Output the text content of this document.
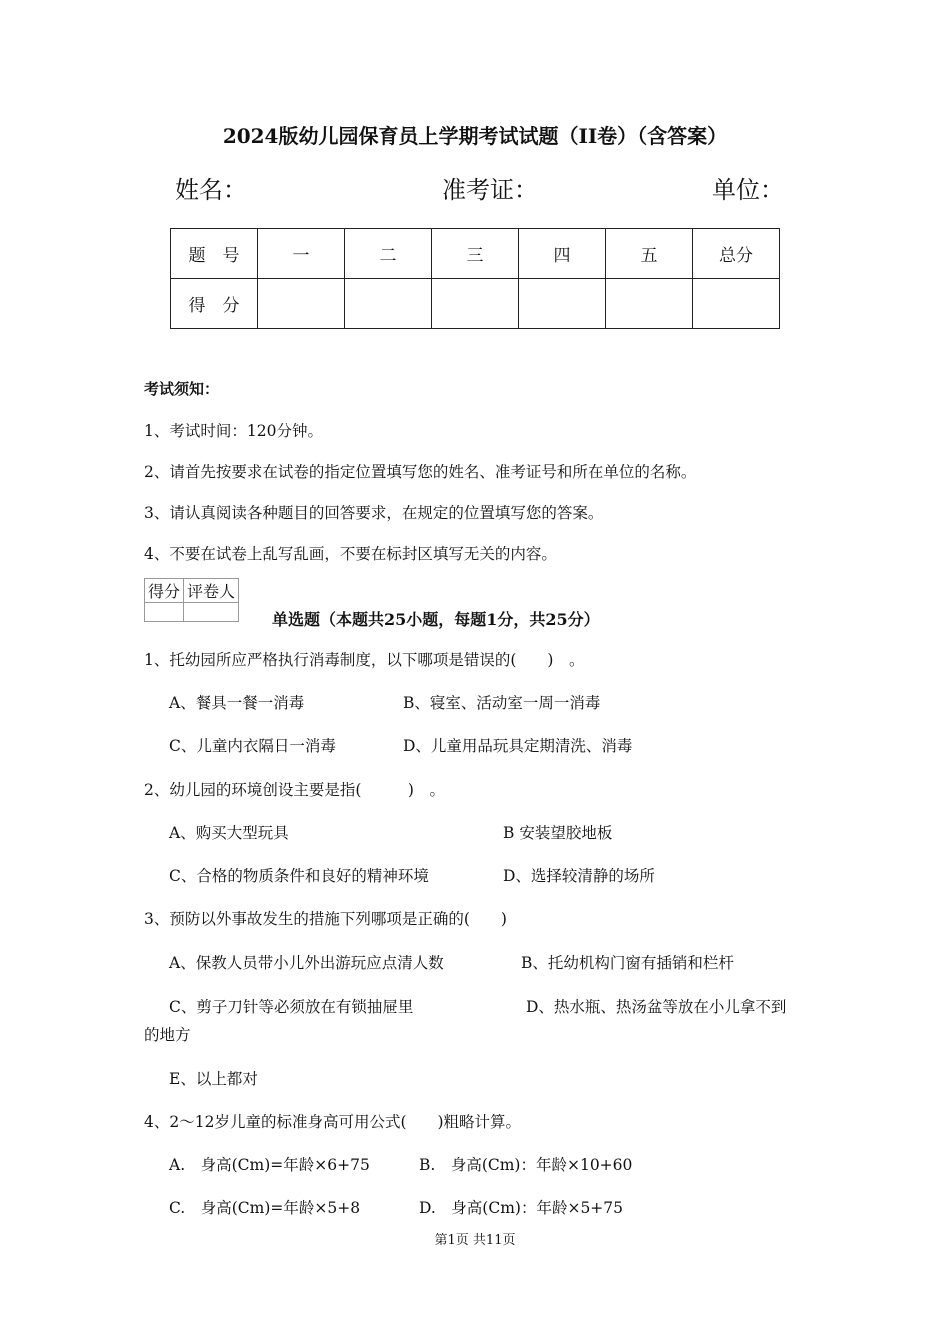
2024版幼儿园保育员上学期考试试题（II卷）（含答案）
姓名：	准考证：	单位：
题　号	一	二	三	四	五	总分
得　分						
考试须知：
1、考试时间：120分钟。
2、请首先按要求在试卷的指定位置填写您的姓名、准考证号和所在单位的名称。
3、请认真阅读各种题目的回答要求，在规定的位置填写您的答案。
4、不要在试卷上乱写乱画，不要在标封区填写无关的内容。
得分	评卷人

单选题（本题共25小题，每题1分，共25分）
1、托幼园所应严格执行消毒制度，以下哪项是错误的(　　)　。
A、餐具一餐一消毒	B、寝室、活动室一周一消毒
C、儿童内衣隔日一消毒	D、儿童用品玩具定期清洗、消毒
2、幼儿园的环境创设主要是指(　　　)　。
A、购买大型玩具	B 安装望胶地板
C、合格的物质条件和良好的精神环境	D、选择较清静的场所
3、预防以外事故发生的措施下列哪项是正确的(　　)
A、保教人员带小儿外出游玩应点清人数	B、托幼机构门窗有插销和栏杆
C、剪子刀针等必须放在有锁抽屉里	D、热水瓶、热汤盆等放在小儿拿不到
的地方
E、以上都对
4、2～12岁儿童的标准身高可用公式(　　)粗略计算。
A.　身高(Cm)=年龄×6+75	B.　身高(Cm)：年龄×10+60
C.　身高(Cm)=年龄×5+8	D.　身高(Cm)：年龄×5+75
第1页 共11页
